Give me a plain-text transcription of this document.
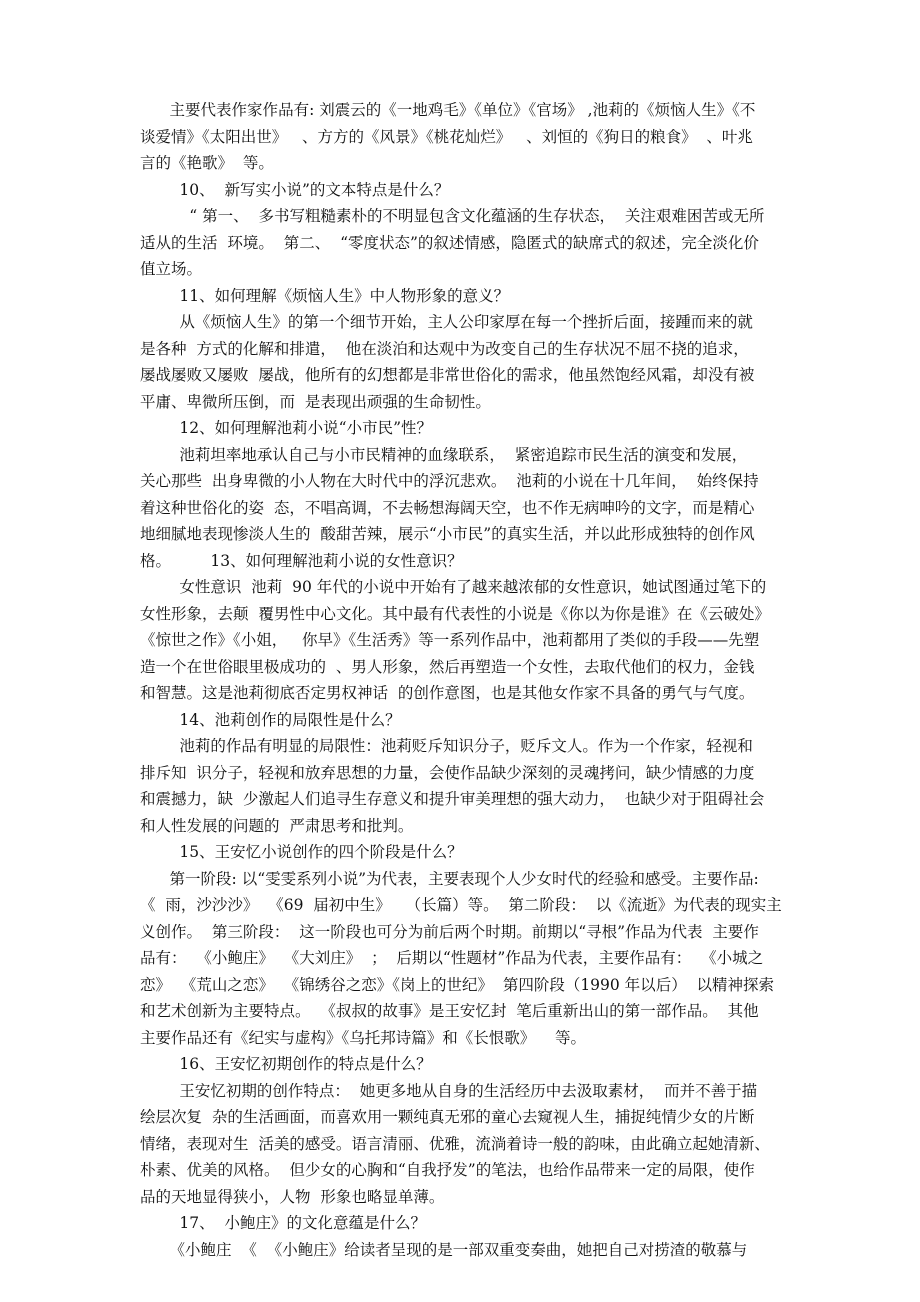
主要代表作家作品有: 刘震云的《一地鸡毛》《单位》《官场》 ,池莉的《烦恼人生》《不
谈爱情》《太阳出世》   、方方的《风景》《桃花灿烂》   、刘恒的《狗日的粮食》  、叶兆
言的《艳歌》  等。
10、  新写实小说”的文本特点是什么？
“ 第一、  多书写粗糙素朴的不明显包含文化蕴涵的生存状态，  关注艰难困苦或无所
适从的生活  环境。  第二、  “零度状态”的叙述情感，隐匿式的缺席式的叙述，完全淡化价
值立场。
11、如何理解《烦恼人生》中人物形象的意义？
从《烦恼人生》的第一个细节开始，主人公印家厚在每一个挫折后面，接踵而来的就
是各种  方式的化解和排遣，  他在淡泊和达观中为改变自己的生存状况不屈不挠的追求，
屡战屡败又屡败  屡战，他所有的幻想都是非常世俗化的需求，他虽然饱经风霜，却没有被
平庸、卑微所压倒，而  是表现出顽强的生命韧性。
12、如何理解池莉小说“小市民”性？
池莉坦率地承认自己与小市民精神的血缘联系，  紧密追踪市民生活的演变和发展，
关心那些  出身卑微的小人物在大时代中的浮沉悲欢。  池莉的小说在十几年间，  始终保持
着这种世俗化的姿  态，不唱高调，不去畅想海阔天空，也不作无病呻吟的文字，而是精心
地细腻地表现惨淡人生的  酸甜苦辣，展示“小市民”的真实生活，并以此形成独特的创作风
格。        13、如何理解池莉小说的女性意识？
女性意识  池莉  90 年代的小说中开始有了越来越浓郁的女性意识，她试图通过笔下的
女性形象，去颠  覆男性中心文化。其中最有代表性的小说是《你以为你是谁》在《云破处》
《惊世之作》《小姐，   你早》《生活秀》等一系列作品中，池莉都用了类似的手段——先塑
造一个在世俗眼里极成功的  、男人形象，然后再塑造一个女性，去取代他们的权力，金钱
和智慧。这是池莉彻底否定男权神话  的创作意图，也是其他女作家不具备的勇气与气度。
14、池莉创作的局限性是什么？
池莉的作品有明显的局限性：池莉贬斥知识分子，贬斥文人。作为一个作家，轻视和
排斥知  识分子，轻视和放弃思想的力量，会使作品缺少深刻的灵魂拷问，缺少情感的力度
和震撼力，缺  少激起人们追寻生存意义和提升审美理想的强大动力，  也缺少对于阻碍社会
和人性发展的问题的  严肃思考和批判。
15、王安忆小说创作的四个阶段是什么？
第一阶段: 以“雯雯系列小说”为代表，主要表现个人少女时代的经验和感受。主要作品:
《  雨，沙沙沙》  《69  届初中生》   （长篇）等。  第二阶段：  以《流逝》为代表的现实主
义创作。  第三阶段：  这一阶段也可分为前后两个时期。前期以“寻根”作品为代表  主要作
品有：  《小鲍庄》  《大刘庄》  ；  后期以“性题材”作品为代表，主要作品有：  《小城之
恋》  《荒山之恋》  《锦绣谷之恋》《岗上的世纪》  第四阶段（1990 年以后）  以精神探索
和艺术创新为主要特点。  《叔叔的故事》是王安忆封  笔后重新出山的第一部作品。  其他
主要作品还有《纪实与虚构》《乌托邦诗篇》和《长恨歌》    等。
16、王安忆初期创作的特点是什么？
王安忆初期的创作特点：  她更多地从自身的生活经历中去汲取素材，  而并不善于描
绘层次复  杂的生活画面，而喜欢用一颗纯真无邪的童心去窥视人生，捕捉纯情少女的片断
情绪，表现对生  活美的感受。语言清丽、优雅，流淌着诗一般的韵味，由此确立起她清新、
朴素、优美的风格。  但少女的心胸和“自我抒发”的笔法，也给作品带来一定的局限，使作
品的天地显得狭小，人物  形象也略显单薄。
17、  小鲍庄》的文化意蕴是什么？
《小鲍庄  《  《小鲍庄》给读者呈现的是一部双重变奏曲，她把自己对捞渣的敬慕与
